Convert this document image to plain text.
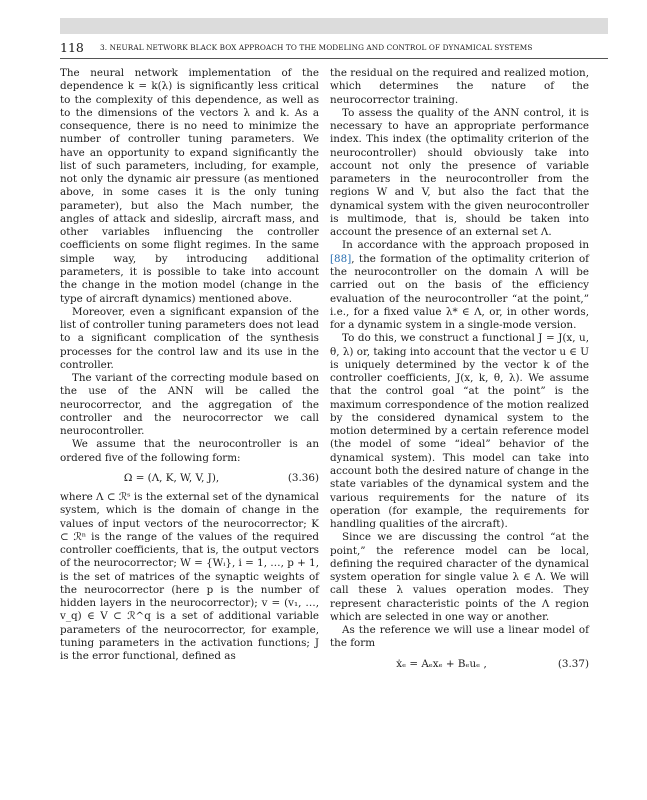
118 3. NEURAL NETWORK BLACK BOX APPROACH TO THE MODELING AND CONTROL OF DYNAMICAL SYSTEMS

The neural network implementation of the dependence k = k(λ) is significantly less critical to the complexity of this dependence, as well as to the dimensions of the vectors λ and k. As a consequence, there is no need to minimize the number of controller tuning parameters. We have an opportunity to expand significantly the list of such parameters, including, for example, not only the dynamic air pressure (as mentioned above, in some cases it is the only tuning parameter), but also the Mach number, the angles of attack and sideslip, aircraft mass, and other variables influencing the controller coefficients on some flight regimes. In the same simple way, by introducing additional parameters, it is possible to take into account the change in the motion model (change in the type of aircraft dynamics) mentioned above.

Moreover, even a significant expansion of the list of controller tuning parameters does not lead to a significant complication of the synthesis processes for the control law and its use in the controller.

The variant of the correcting module based on the use of the ANN will be called the neurocorrector, and the aggregation of the controller and the neurocorrector we call neurocontroller.

We assume that the neurocontroller is an ordered five of the following form:

Ω = (Λ, K, W, V, J),	(3.36)

where Λ ⊂ ℛˢ is the external set of the dynamical system, which is the domain of change in the values of input vectors of the neurocorrector; K ⊂ ℛⁿ is the range of the values of the required controller coefficients, that is, the output vectors of the neurocorrector; W = {Wᵢ}, i = 1, …, p + 1, is the set of matrices of the synaptic weights of the neurocorrector (here p is the number of hidden layers in the neurocorrector); v = (v₁, …, v_q) ∈ V ⊂ ℛ^q is a set of additional variable parameters of the neurocorrector, for example, tuning parameters in the activation functions; J is the error functional, defined as

the residual on the required and realized motion, which determines the nature of the neurocorrector training.

To assess the quality of the ANN control, it is necessary to have an appropriate performance index. This index (the optimality criterion of the neurocontroller) should obviously take into account not only the presence of variable parameters in the neurocontroller from the regions W and V, but also the fact that the dynamical system with the given neurocontroller is multimode, that is, should be taken into account the presence of an external set Λ.

In accordance with the approach proposed in [88], the formation of the optimality criterion of the neurocontroller on the domain Λ will be carried out on the basis of the efficiency evaluation of the neurocontroller “at the point,” i.e., for a fixed value λ* ∈ Λ, or, in other words, for a dynamic system in a single-mode version.

To do this, we construct a functional J = J(x, u, θ, λ) or, taking into account that the vector u ∈ U is uniquely determined by the vector k of the controller coefficients, J(x, k, θ, λ). We assume that the control goal “at the point” is the maximum correspondence of the motion realized by the considered dynamical system to the motion determined by a certain reference model (the model of some “ideal” behavior of the dynamical system). This model can take into account both the desired nature of change in the state variables of the dynamical system and the various requirements for the nature of its operation (for example, the requirements for handling qualities of the aircraft).

Since we are discussing the control “at the point,” the reference model can be local, defining the required character of the dynamical system operation for single value λ ∈ Λ. We will call these λ values operation modes. They represent characteristic points of the Λ region which are selected in one way or another.

As the reference we will use a linear model of the form

ẋₑ = Aₑxₑ + Bₑuₑ ,	(3.37)
